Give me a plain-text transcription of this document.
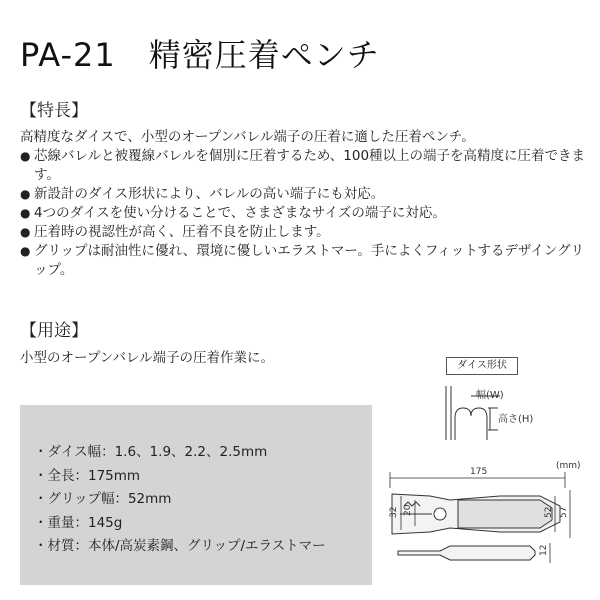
PA-21　精密圧着ペンチ
【特長】
高精度なダイスで、小型のオープンバレル端子の圧着に適した圧着ペンチ。
● 芯線バレルと被覆線バレルを個別に圧着するため、100種以上の端子を高精度に圧着できます。
● 新設計のダイス形状により、バレルの高い端子にも対応。
● 4つのダイスを使い分けることで、さまざまなサイズの端子に対応。
● 圧着時の視認性が高く、圧着不良を防止します。
● グリップは耐油性に優れ、環境に優しいエラストマー。手によくフィットするデザイングリップ。
【用途】
小型のオープンバレル端子の圧着作業に。
・ダイス幅：1.6、1.9、2.2、2.5mm
・全長：175mm
・グリップ幅：52mm
・重量：145g
・材質：本体/高炭素鋼、グリップ/エラストマー
ダイス形状
幅(W)
高さ(H)
(mm)
175
32 20	52 57
12
